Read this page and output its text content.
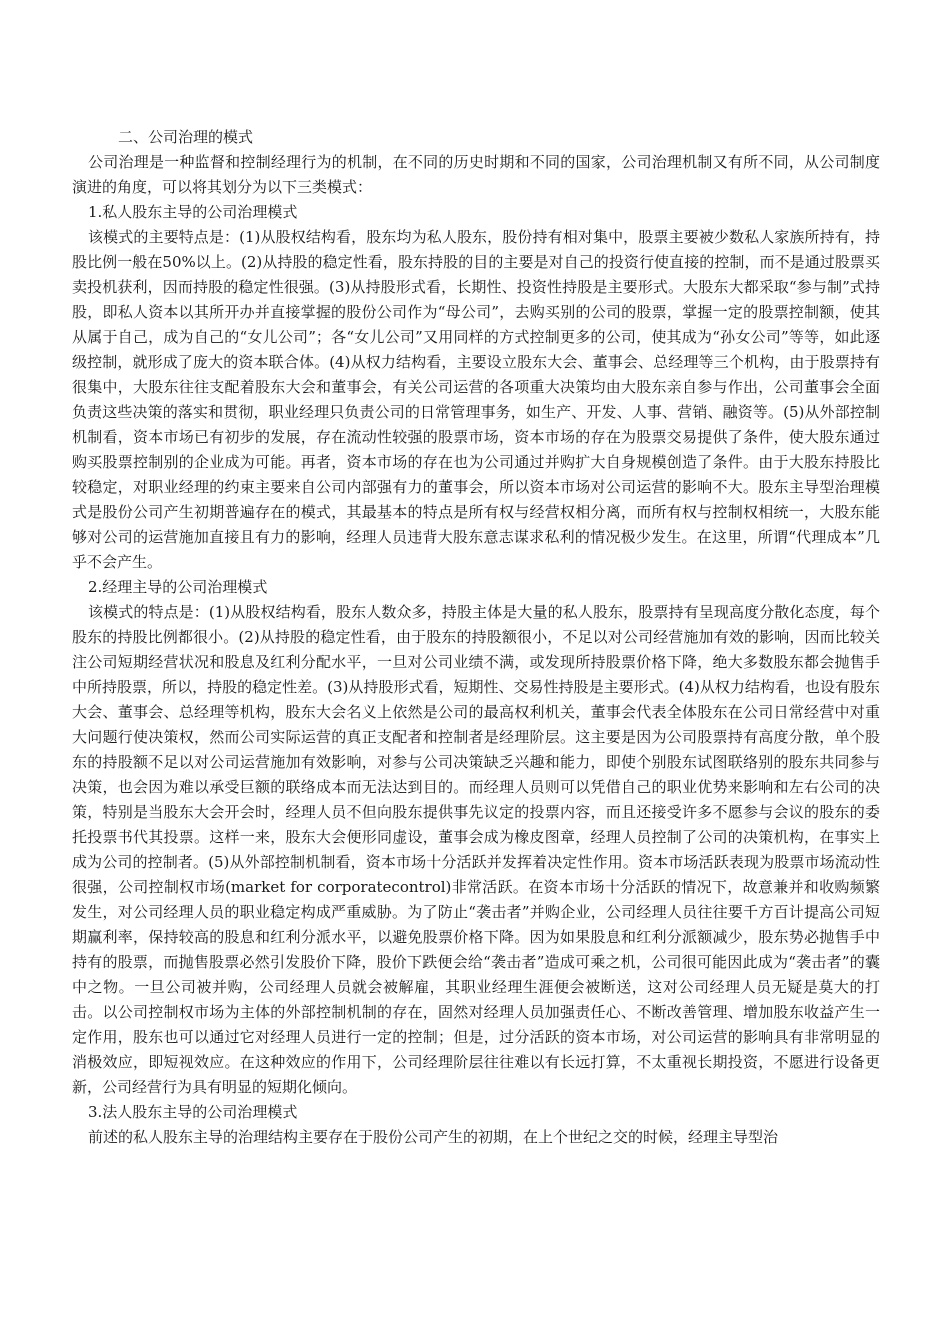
二、公司治理的模式

公司治理是一种监督和控制经理行为的机制，在不同的历史时期和不同的国家，公司治理机制又有所不同，从公司制度演进的角度，可以将其划分为以下三类模式：

1.私人股东主导的公司治理模式

该模式的主要特点是：(1)从股权结构看，股东均为私人股东，股份持有相对集中，股票主要被少数私人家族所持有，持股比例一般在50%以上。(2)从持股的稳定性看，股东持股的目的主要是对自己的投资行使直接的控制，而不是通过股票买卖投机获利，因而持股的稳定性很强。(3)从持股形式看，长期性、投资性持股是主要形式。大股东大都采取“参与制”式持股，即私人资本以其所开办并直接掌握的股份公司作为“母公司”，去购买别的公司的股票，掌握一定的股票控制额，使其从属于自己，成为自己的“女儿公司”；各“女儿公司”又用同样的方式控制更多的公司，使其成为“孙女公司”等等，如此逐级控制，就形成了庞大的资本联合体。(4)从权力结构看，主要设立股东大会、董事会、总经理等三个机构，由于股票持有很集中，大股东往往支配着股东大会和董事会，有关公司运营的各项重大决策均由大股东亲自参与作出，公司董事会全面负责这些决策的落实和贯彻，职业经理只负责公司的日常管理事务，如生产、开发、人事、营销、融资等。(5)从外部控制机制看，资本市场已有初步的发展，存在流动性较强的股票市场，资本市场的存在为股票交易提供了条件，使大股东通过购买股票控制别的企业成为可能。再者，资本市场的存在也为公司通过并购扩大自身规模创造了条件。由于大股东持股比较稳定，对职业经理的约束主要来自公司内部强有力的董事会，所以资本市场对公司运营的影响不大。股东主导型治理模式是股份公司产生初期普遍存在的模式，其最基本的特点是所有权与经营权相分离，而所有权与控制权相统一，大股东能够对公司的运营施加直接且有力的影响，经理人员违背大股东意志谋求私利的情况极少发生。在这里，所谓“代理成本”几乎不会产生。

2.经理主导的公司治理模式

该模式的特点是：(1)从股权结构看，股东人数众多，持股主体是大量的私人股东，股票持有呈现高度分散化态度，每个股东的持股比例都很小。(2)从持股的稳定性看，由于股东的持股额很小，不足以对公司经营施加有效的影响，因而比较关注公司短期经营状况和股息及红利分配水平，一旦对公司业绩不满，或发现所持股票价格下降，绝大多数股东都会抛售手中所持股票，所以，持股的稳定性差。(3)从持股形式看，短期性、交易性持股是主要形式。(4)从权力结构看，也设有股东大会、董事会、总经理等机构，股东大会名义上依然是公司的最高权利机关，董事会代表全体股东在公司日常经营中对重大问题行使决策权，然而公司实际运营的真正支配者和控制者是经理阶层。这主要是因为公司股票持有高度分散，单个股东的持股额不足以对公司运营施加有效影响，对参与公司决策缺乏兴趣和能力，即使个别股东试图联络别的股东共同参与决策，也会因为难以承受巨额的联络成本而无法达到目的。而经理人员则可以凭借自己的职业优势来影响和左右公司的决策，特别是当股东大会开会时，经理人员不但向股东提供事先议定的投票内容，而且还接受许多不愿参与会议的股东的委托投票书代其投票。这样一来，股东大会便形同虚设，董事会成为橡皮图章，经理人员控制了公司的决策机构，在事实上成为公司的控制者。(5)从外部控制机制看，资本市场十分活跃并发挥着决定性作用。资本市场活跃表现为股票市场流动性很强，公司控制权市场(market for corporatecontrol)非常活跃。在资本市场十分活跃的情况下，故意兼并和收购频繁发生，对公司经理人员的职业稳定构成严重威胁。为了防止“袭击者”并购企业，公司经理人员往往要千方百计提高公司短期赢利率，保持较高的股息和红利分派水平，以避免股票价格下降。因为如果股息和红利分派额减少，股东势必抛售手中持有的股票，而抛售股票必然引发股价下降，股价下跌便会给“袭击者”造成可乘之机，公司很可能因此成为“袭击者”的囊中之物。一旦公司被并购，公司经理人员就会被解雇，其职业经理生涯便会被断送，这对公司经理人员无疑是莫大的打击。以公司控制权市场为主体的外部控制机制的存在，固然对经理人员加强责任心、不断改善管理、增加股东收益产生一定作用，股东也可以通过它对经理人员进行一定的控制；但是，过分活跃的资本市场，对公司运营的影响具有非常明显的消极效应，即短视效应。在这种效应的作用下，公司经理阶层往往难以有长远打算，不太重视长期投资，不愿进行设备更新，公司经营行为具有明显的短期化倾向。

3.法人股东主导的公司治理模式

前述的私人股东主导的治理结构主要存在于股份公司产生的初期，在上个世纪之交的时候，经理主导型治
